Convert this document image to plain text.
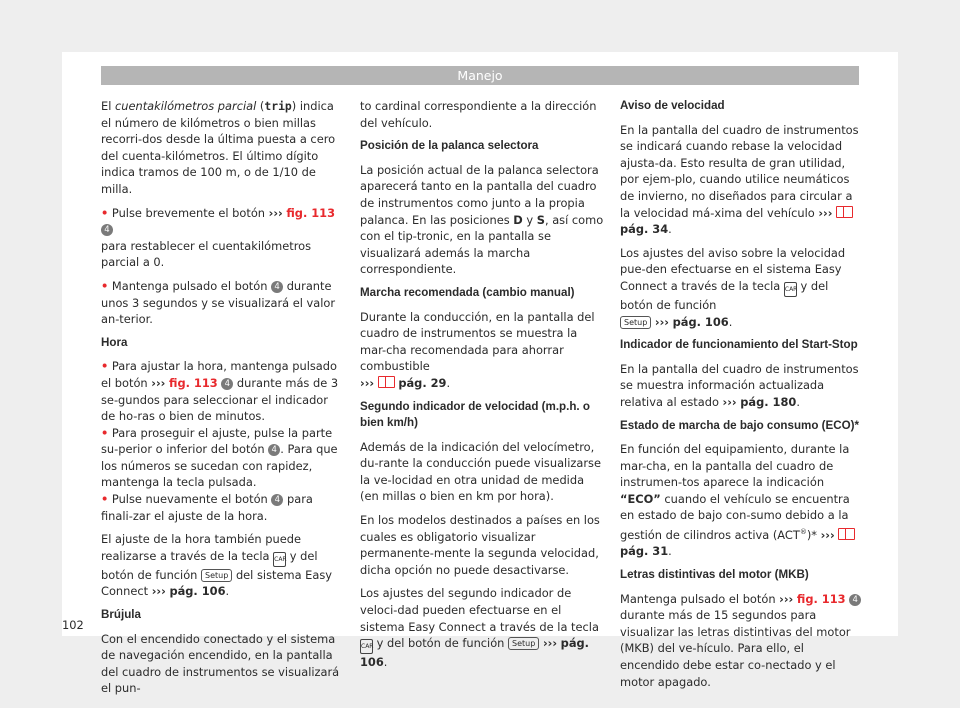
Manejo

El cuentakilómetros parcial (trip) indica el número de kilómetros o bien millas recorri-dos desde la última puesta a cero del cuenta-kilómetros. El último dígito indica tramos de 100 m, o de 1/10 de milla.

• Pulse brevemente el botón ››› fig. 113 4
para restablecer el cuentakilómetros parcial a 0.

• Mantenga pulsado el botón 4 durante unos 3 segundos y se visualizará el valor an-terior.

Hora

• Para ajustar la hora, mantenga pulsado el botón ››› fig. 113 4 durante más de 3 se-gundos para seleccionar el indicador de ho-ras o bien de minutos.

• Para proseguir el ajuste, pulse la parte su-perior o inferior del botón 4 . Para que los números se sucedan con rapidez, mantenga la tecla pulsada.

• Pulse nuevamente el botón 4 para finali-zar el ajuste de la hora.

El ajuste de la hora también puede realizarse a través de la tecla CAR y del botón de función Setup del sistema Easy Connect ››› pág. 106.

Brújula

Con el encendido conectado y el sistema de navegación encendido, en la pantalla del cuadro de instrumentos se visualizará el pun-

to cardinal correspondiente a la dirección del vehículo.

Posición de la palanca selectora

La posición actual de la palanca selectora aparecerá tanto en la pantalla del cuadro de instrumentos como junto a la propia palanca. En las posiciones D y S, así como con el tip-tronic, en la pantalla se visualizará además la marcha correspondiente.

Marcha recomendada (cambio manual)

Durante la conducción, en la pantalla del cuadro de instrumentos se muestra la mar-cha recomendada para ahorrar combustible
››› pág. 29.

Segundo indicador de velocidad (m.p.h. o bien km/h)

Además de la indicación del velocímetro, du-rante la conducción puede visualizarse la ve-locidad en otra unidad de medida (en millas o bien en km por hora).

En los modelos destinados a países en los cuales es obligatorio visualizar permanente-mente la segunda velocidad, dicha opción no puede desactivarse.

Los ajustes del segundo indicador de veloci-dad pueden efectuarse en el sistema Easy Connect a través de la tecla CAR y del botón de función Setup ››› pág. 106.

Aviso de velocidad

En la pantalla del cuadro de instrumentos se indicará cuando rebase la velocidad ajusta-da. Esto resulta de gran utilidad, por ejem-plo, cuando utilice neumáticos de invierno, no diseñados para circular a la velocidad má-xima del vehículo ›››  pág. 34.

Los ajustes del aviso sobre la velocidad pue-den efectuarse en el sistema Easy Connect a través de la tecla CAR y del botón de función
Setup ››› pág. 106.

Indicador de funcionamiento del Start-Stop

En la pantalla del cuadro de instrumentos se muestra información actualizada relativa al estado ››› pág. 180.

Estado de marcha de bajo consumo (ECO)*

En función del equipamiento, durante la mar-cha, en la pantalla del cuadro de instrumen-tos aparece la indicación “ECO” cuando el vehículo se encuentra en estado de bajo con-sumo debido a la gestión de cilindros activa (ACT®)* ›››  pág. 31.

Letras distintivas del motor (MKB)

Mantenga pulsado el botón ››› fig. 113 4
durante más de 15 segundos para visualizar las letras distintivas del motor (MKB) del ve-hículo. Para ello, el encendido debe estar co-nectado y el motor apagado.

102
